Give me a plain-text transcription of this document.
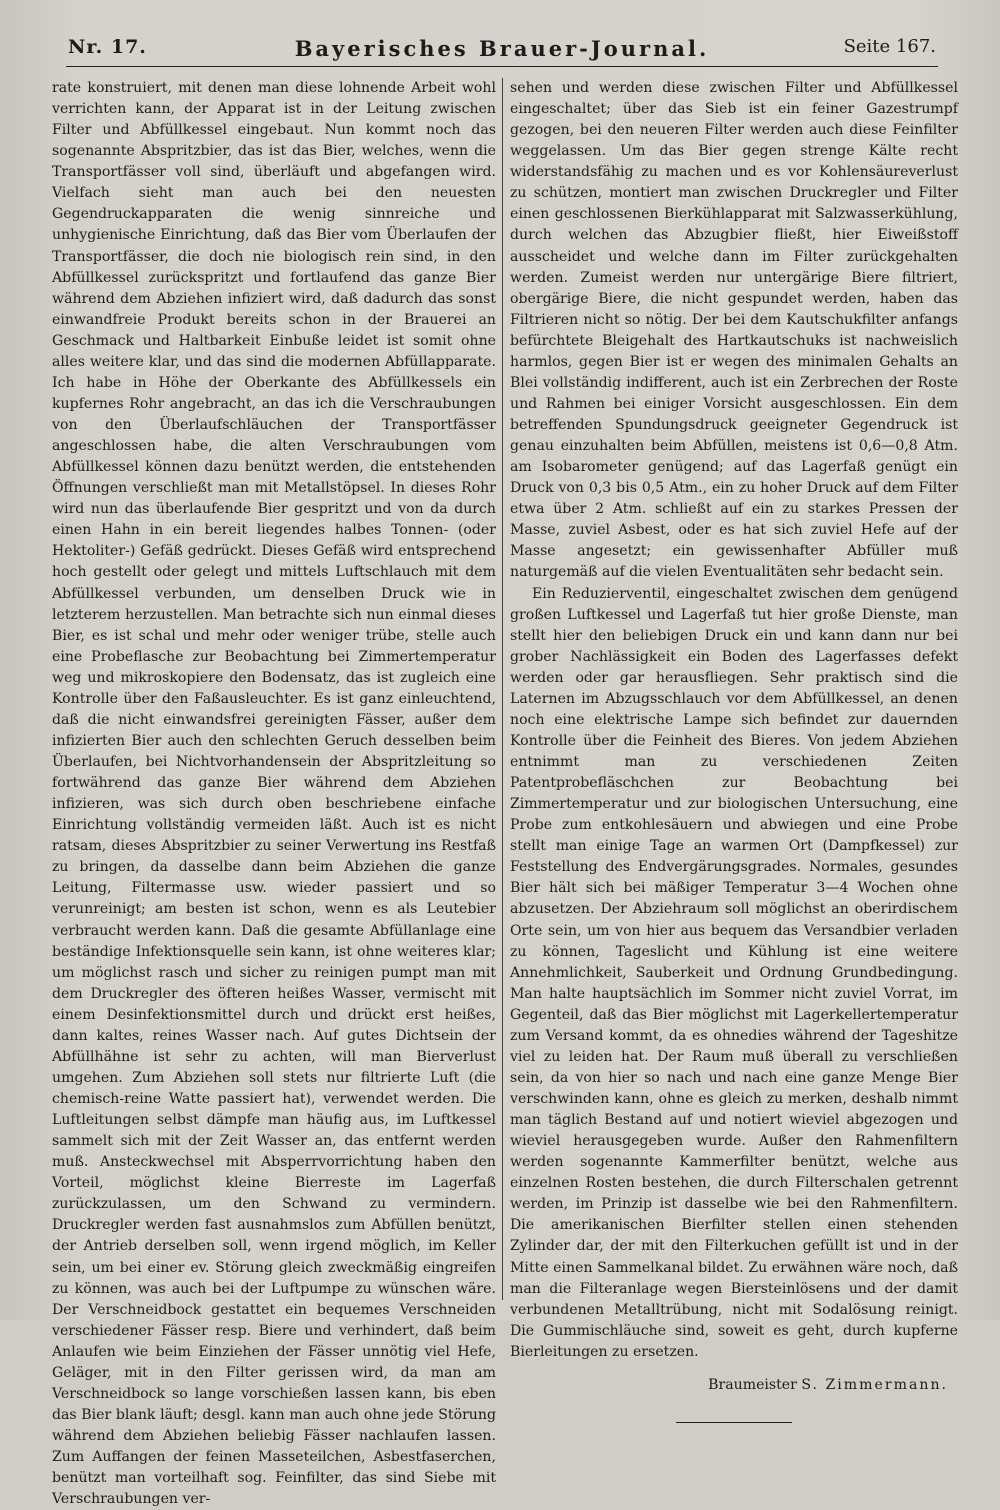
Nr. 17.	Bayerisches Brauer-Journal.	Seite 167.

rate konstruiert, mit denen man diese lohnende Arbeit wohl verrichten kann, der Apparat ist in der Leitung zwischen Filter und Abfüllkessel eingebaut. Nun kommt noch das sogenannte Abspritzbier, das ist das Bier, welches, wenn die Transportfässer voll sind, überläuft und abgefangen wird. Vielfach sieht man auch bei den neuesten Gegendruckapparaten die wenig sinnreiche und unhygienische Einrichtung, daß das Bier vom Überlaufen der Transportfässer, die doch nie biologisch rein sind, in den Abfüllkessel zurückspritzt und fortlaufend das ganze Bier während dem Abziehen infiziert wird, daß dadurch das sonst einwandfreie Produkt bereits schon in der Brauerei an Geschmack und Haltbarkeit Einbuße leidet ist somit ohne alles weitere klar, und das sind die modernen Abfüllapparate. Ich habe in Höhe der Oberkante des Abfüllkessels ein kupfernes Rohr angebracht, an das ich die Verschraubungen von den Überlaufschläuchen der Transportfässer angeschlossen habe, die alten Verschraubungen vom Abfüllkessel können dazu benützt werden, die entstehenden Öffnungen verschließt man mit Metallstöpsel. In dieses Rohr wird nun das überlaufende Bier gespritzt und von da durch einen Hahn in ein bereit liegendes halbes Tonnen- (oder Hektoliter-) Gefäß gedrückt. Dieses Gefäß wird entsprechend hoch gestellt oder gelegt und mittels Luftschlauch mit dem Abfüllkessel verbunden, um denselben Druck wie in letzterem herzustellen. Man betrachte sich nun einmal dieses Bier, es ist schal und mehr oder weniger trübe, stelle auch eine Probeflasche zur Beobachtung bei Zimmertemperatur weg und mikroskopiere den Bodensatz, das ist zugleich eine Kontrolle über den Faßausleuchter. Es ist ganz einleuchtend, daß die nicht einwandsfrei gereinigten Fässer, außer dem infizierten Bier auch den schlechten Geruch desselben beim Überlaufen, bei Nichtvorhandensein der Abspritzleitung so fortwährend das ganze Bier während dem Abziehen infizieren, was sich durch oben beschriebene einfache Einrichtung vollständig vermeiden läßt. Auch ist es nicht ratsam, dieses Abspritzbier zu seiner Verwertung ins Restfaß zu bringen, da dasselbe dann beim Abziehen die ganze Leitung, Filtermasse usw. wieder passiert und so verunreinigt; am besten ist schon, wenn es als Leutebier verbraucht werden kann. Daß die gesamte Abfüllanlage eine beständige Infektionsquelle sein kann, ist ohne weiteres klar; um möglichst rasch und sicher zu reinigen pumpt man mit dem Druckregler des öfteren heißes Wasser, vermischt mit einem Desinfektionsmittel durch und drückt erst heißes, dann kaltes, reines Wasser nach. Auf gutes Dichtsein der Abfüllhähne ist sehr zu achten, will man Bierverlust umgehen. Zum Abziehen soll stets nur filtrierte Luft (die chemisch-reine Watte passiert hat), verwendet werden. Die Luftleitungen selbst dämpfe man häufig aus, im Luftkessel sammelt sich mit der Zeit Wasser an, das entfernt werden muß. Ansteckwechsel mit Absperrvorrichtung haben den Vorteil, möglichst kleine Bierreste im Lagerfaß zurückzulassen, um den Schwand zu vermindern. Druckregler werden fast ausnahmslos zum Abfüllen benützt, der Antrieb derselben soll, wenn irgend möglich, im Keller sein, um bei einer ev. Störung gleich zweckmäßig eingreifen zu können, was auch bei der Luftpumpe zu wünschen wäre. Der Verschneidbock gestattet ein bequemes Verschneiden verschiedener Fässer resp. Biere und verhindert, daß beim Anlaufen wie beim Einziehen der Fässer unnötig viel Hefe, Geläger, mit in den Filter gerissen wird, da man am Verschneidbock so lange vorschießen lassen kann, bis eben das Bier blank läuft; desgl. kann man auch ohne jede Störung während dem Abziehen beliebig Fässer nachlaufen lassen. Zum Auffangen der feinen Masseteilchen, Asbestfaserchen, benützt man vorteilhaft sog. Feinfilter, das sind Siebe mit Verschraubungen ver-

sehen und werden diese zwischen Filter und Abfüllkessel eingeschaltet; über das Sieb ist ein feiner Gazestrumpf gezogen, bei den neueren Filter werden auch diese Feinfilter weggelassen. Um das Bier gegen strenge Kälte recht widerstandsfähig zu machen und es vor Kohlensäureverlust zu schützen, montiert man zwischen Druckregler und Filter einen geschlossenen Bierkühlapparat mit Salzwasserkühlung, durch welchen das Abzugbier fließt, hier Eiweißstoff ausscheidet und welche dann im Filter zurückgehalten werden. Zumeist werden nur untergärige Biere filtriert, obergärige Biere, die nicht gespundet werden, haben das Filtrieren nicht so nötig. Der bei dem Kautschukfilter anfangs befürchtete Bleigehalt des Hartkautschuks ist nachweislich harmlos, gegen Bier ist er wegen des minimalen Gehalts an Blei vollständig indifferent, auch ist ein Zerbrechen der Roste und Rahmen bei einiger Vorsicht ausgeschlossen. Ein dem betreffenden Spundungsdruck geeigneter Gegendruck ist genau einzuhalten beim Abfüllen, meistens ist 0,6—0,8 Atm. am Isobarometer genügend; auf das Lagerfaß genügt ein Druck von 0,3 bis 0,5 Atm., ein zu hoher Druck auf dem Filter etwa über 2 Atm. schließt auf ein zu starkes Pressen der Masse, zuviel Asbest, oder es hat sich zuviel Hefe auf der Masse angesetzt; ein gewissenhafter Abfüller muß naturgemäß auf die vielen Eventualitäten sehr bedacht sein.

Ein Reduzierventil, eingeschaltet zwischen dem genügend großen Luftkessel und Lagerfaß tut hier große Dienste, man stellt hier den beliebigen Druck ein und kann dann nur bei grober Nachlässigkeit ein Boden des Lagerfasses defekt werden oder gar herausfliegen. Sehr praktisch sind die Laternen im Abzugsschlauch vor dem Abfüllkessel, an denen noch eine elektrische Lampe sich befindet zur dauernden Kontrolle über die Feinheit des Bieres. Von jedem Abziehen entnimmt man zu verschiedenen Zeiten Patentprobefläschchen zur Beobachtung bei Zimmertemperatur und zur biologischen Untersuchung, eine Probe zum entkohlesäuern und abwiegen und eine Probe stellt man einige Tage an warmen Ort (Dampfkessel) zur Feststellung des Endvergärungsgrades. Normales, gesundes Bier hält sich bei mäßiger Temperatur 3—4 Wochen ohne abzusetzen. Der Abziehraum soll möglichst an oberirdischem Orte sein, um von hier aus bequem das Versandbier verladen zu können, Tageslicht und Kühlung ist eine weitere Annehmlichkeit, Sauberkeit und Ordnung Grundbedingung. Man halte hauptsächlich im Sommer nicht zuviel Vorrat, im Gegenteil, daß das Bier möglichst mit Lagerkellertemperatur zum Versand kommt, da es ohnedies während der Tageshitze viel zu leiden hat. Der Raum muß überall zu verschließen sein, da von hier so nach und nach eine ganze Menge Bier verschwinden kann, ohne es gleich zu merken, deshalb nimmt man täglich Bestand auf und notiert wieviel abgezogen und wieviel herausgegeben wurde. Außer den Rahmenfiltern werden sogenannte Kammerfilter benützt, welche aus einzelnen Rosten bestehen, die durch Filterschalen getrennt werden, im Prinzip ist dasselbe wie bei den Rahmenfiltern. Die amerikanischen Bierfilter stellen einen stehenden Zylinder dar, der mit den Filterkuchen gefüllt ist und in der Mitte einen Sammelkanal bildet. Zu erwähnen wäre noch, daß man die Filteranlage wegen Biersteinlösens und der damit verbundenen Metalltrübung, nicht mit Sodalösung reinigt. Die Gummischläuche sind, soweit es geht, durch kupferne Bierleitungen zu ersetzen.

Braumeister S. Zimmermann.
